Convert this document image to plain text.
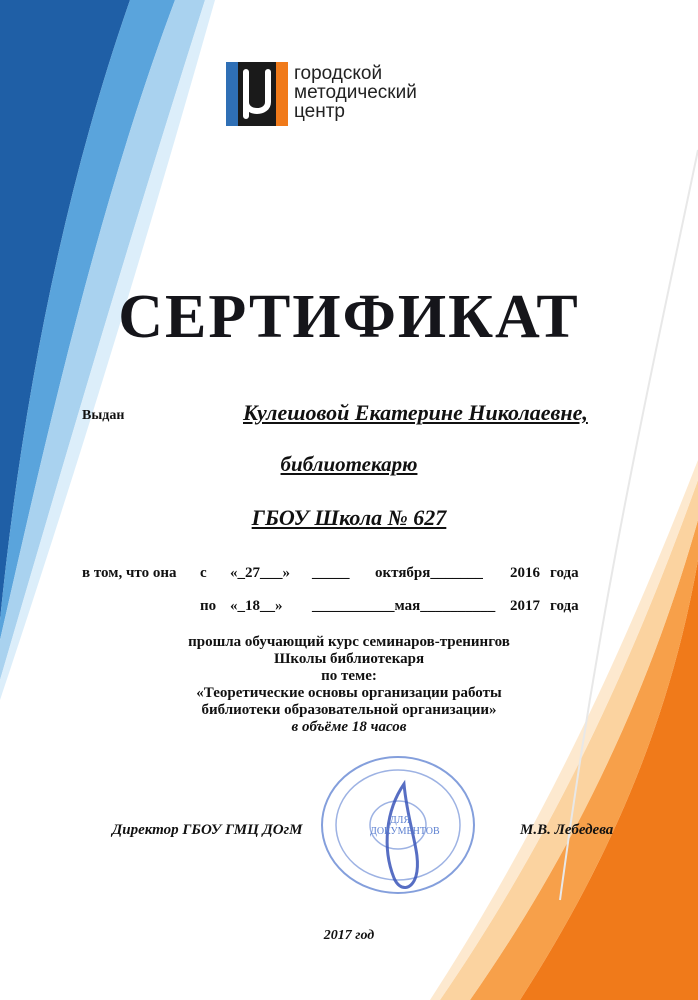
городской
методический
центр
СЕРТИФИКАТ
Выдан	Кулешовой Екатерине Николаевне,
библиотекарю
ГБОУ Школа № 627
в том, что она с «_27___» _____ октября_______ 2016 года
по «_18__» ___________мая__________ 2017 года
прошла обучающий курс семинаров-тренингов
Школы библиотекаря
по теме:
«Теоретические основы организации работы
библиотеки образовательной организации»
в объёме 18 часов
ДЛЯ ДОКУМЕНТОВ
Директор ГБОУ ГМЦ ДОгМ	М.В. Лебедева
2017 год
